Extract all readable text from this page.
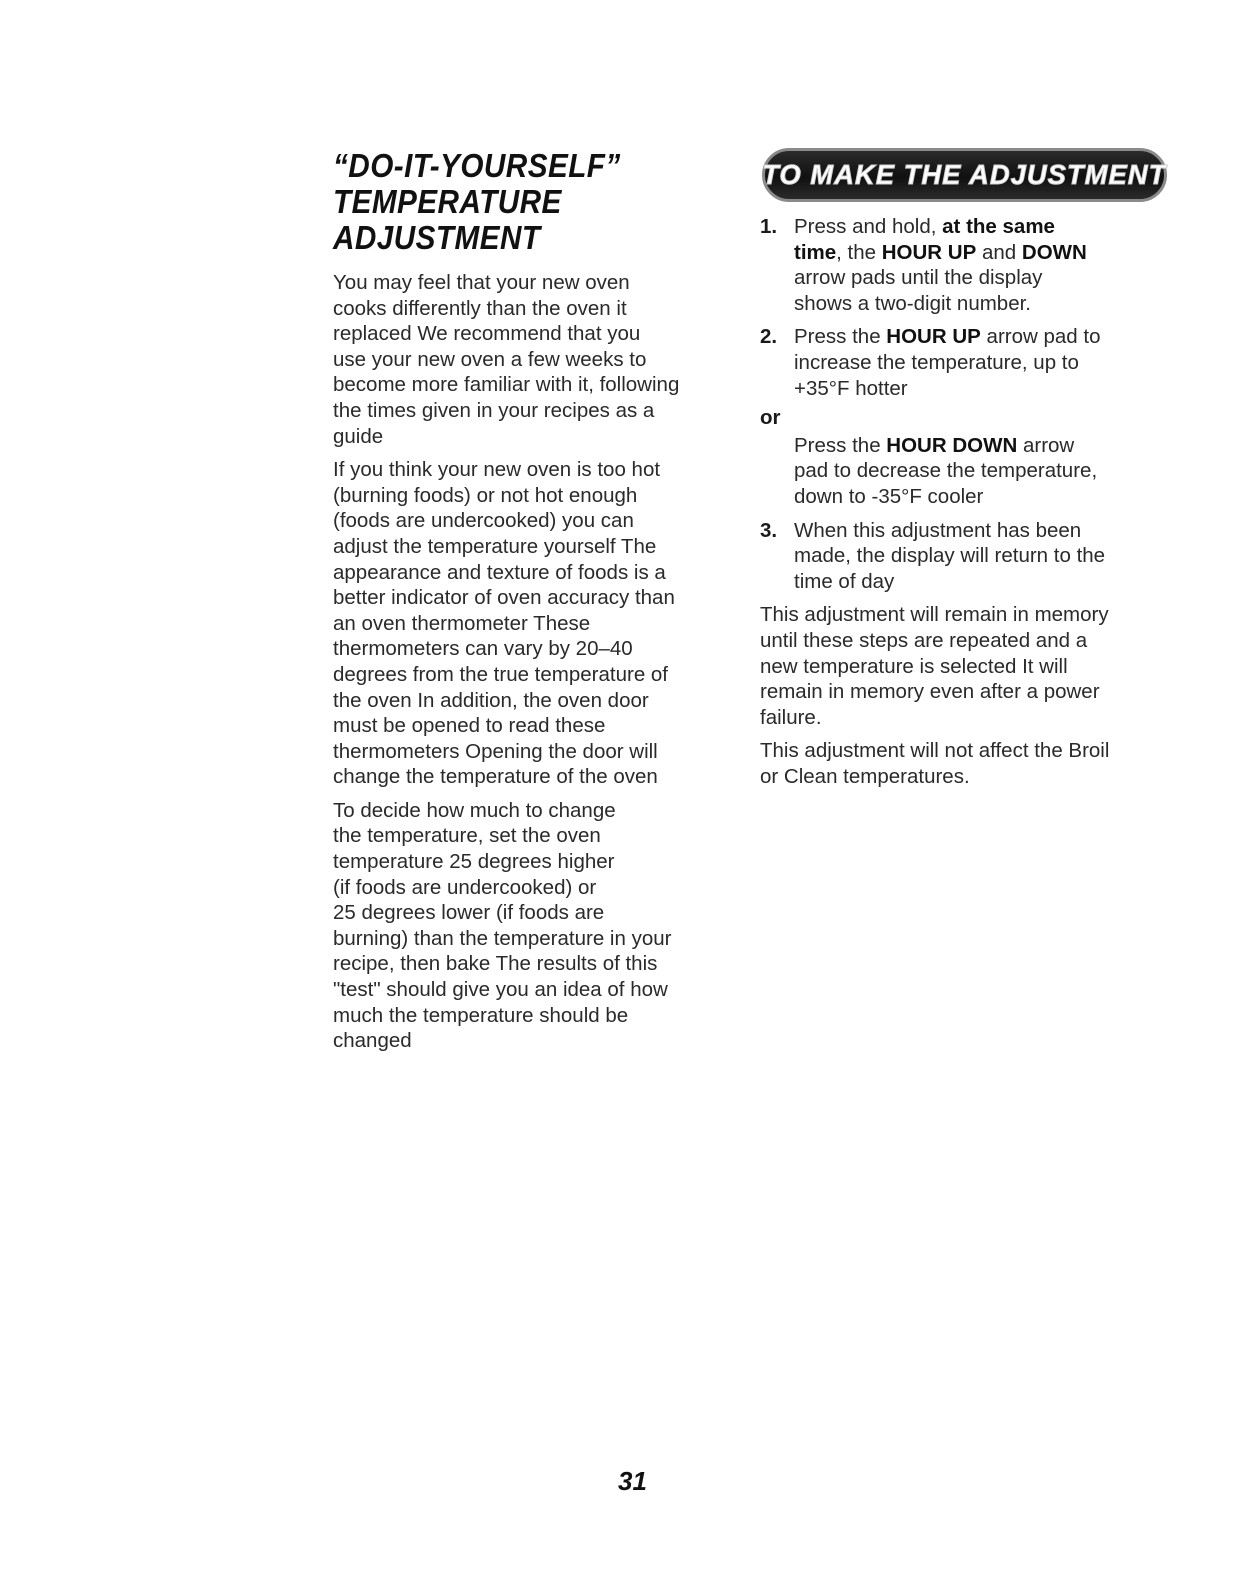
“DO-IT-YOURSELF”
TEMPERATURE
ADJUSTMENT

You may feel that your new oven
cooks differently than the oven it
replaced We recommend that you
use your new oven a few weeks to
become more familiar with it, following
the times given in your recipes as a
guide

If you think your new oven is too hot
(burning foods) or not hot enough
(foods are undercooked) you can
adjust the temperature yourself The
appearance and texture of foods is a
better indicator of oven accuracy than
an oven thermometer These
thermometers can vary by 20–40
degrees from the true temperature of
the oven In addition, the oven door
must be opened to read these
thermometers Opening the door will
change the temperature of the oven

To decide how much to change
the temperature, set the oven
temperature 25 degrees higher
(if foods are undercooked) or
25 degrees lower (if foods are
burning) than the temperature in your
recipe, then bake The results of this
"test" should give you an idea of how
much the temperature should be
changed

TO MAKE THE ADJUSTMENT
1. Press and hold, at the same
time, the HOUR UP and DOWN
arrow pads until the display
shows a two-digit number.
2. Press the HOUR UP arrow pad to
increase the temperature, up to
+35°F hotter
or
Press the HOUR DOWN arrow
pad to decrease the temperature,
down to -35°F cooler
3. When this adjustment has been
made, the display will return to the
time of day

This adjustment will remain in memory
until these steps are repeated and a
new temperature is selected It will
remain in memory even after a power
failure.

This adjustment will not affect the Broil
or Clean temperatures.

31
